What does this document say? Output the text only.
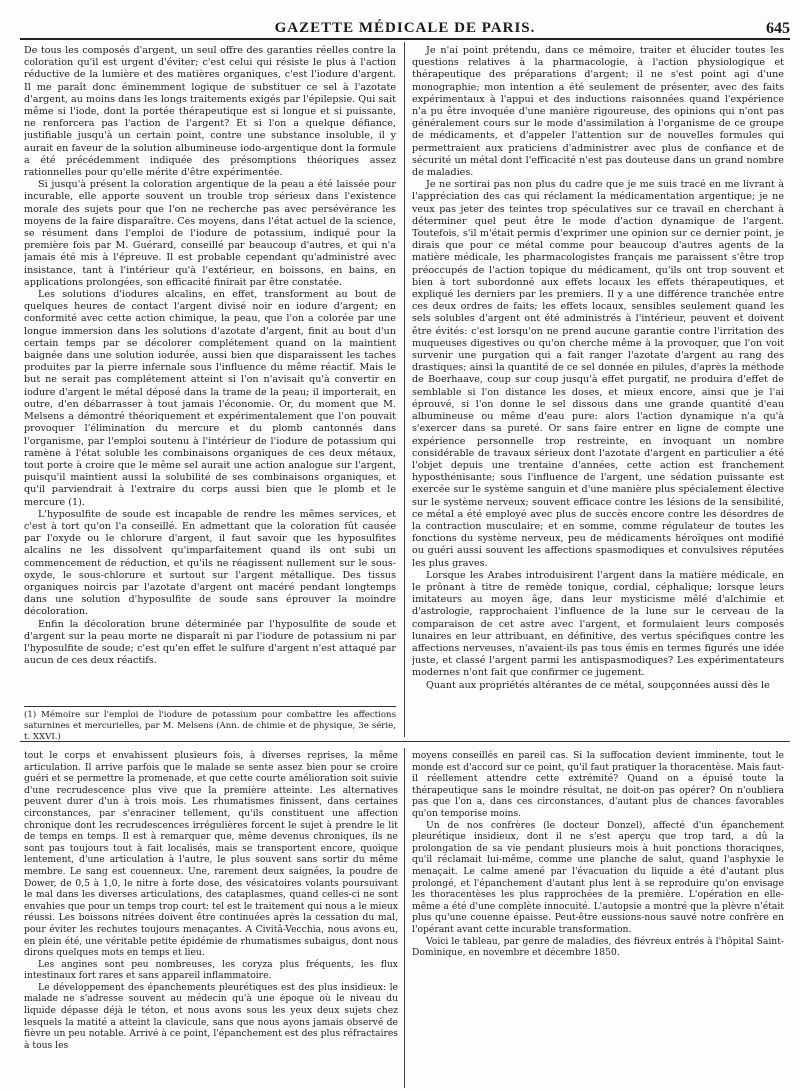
GAZETTE MÉDICALE DE PARIS.	645

De tous les composés d'argent, un seul offre des garanties réelles contre la coloration qu'il est urgent d'éviter; c'est celui qui résiste le plus à l'action réductive de la lumière et des matières organiques, c'est l'iodure d'argent. Il me paraît donc éminemment logique de substituer ce sel à l'azotate d'argent, au moins dans les longs traitements exigés par l'épilepsie. Qui sait même si l'iode, dont la portée thérapeutique est si longue et si puissante, ne renforcera pas l'action de l'argent? Et si l'on a quelque défiance, justifiable jusqu'à un certain point, contre une substance insoluble, il y aurait en faveur de la solution albumineuse iodo-argentique dont la formule a été précédemment indiquée des présomptions théoriques assez rationnelles pour qu'elle mérite d'être expérimentée.

Si jusqu'à présent la coloration argentique de la peau a été laissée pour incurable, elle apporte souvent un trouble trop sérieux dans l'existence morale des sujets pour que l'on ne recherche pas avec persévérance les moyens de la faire disparaître. Ces moyens, dans l'état actuel de la science, se résument dans l'emploi de l'iodure de potassium, indiqué pour la première fois par M. Guérard, conseillé par beaucoup d'autres, et qui n'a jamais été mis à l'épreuve. Il est probable cependant qu'administré avec insistance, tant à l'intérieur qu'à l'extérieur, en boissons, en bains, en applications prolongées, son efficacité finirait par être constatée.

Les solutions d'iodures alcalins, en effet, transforment au bout de quelques heures de contact l'argent divisé noir en iodure d'argent; en conformité avec cette action chimique, la peau, que l'on a colorée par une longue immersion dans les solutions d'azotate d'argent, finit au bout d'un certain temps par se décolorer complétement quand on la maintient baignée dans une solution iodurée, aussi bien que disparaissent les taches produites par la pierre infernale sous l'influence du même réactif. Mais le but ne serait pas complétement atteint si l'on n'avisait qu'à convertir en iodure d'argent le métal déposé dans la trame de la peau; il importerait, en outre, d'en débarrasser à tout jamais l'économie. Or, du moment que M. Melsens a démontré théoriquement et expérimentalement que l'on pouvait provoquer l'élimination du mercure et du plomb cantonnés dans l'organisme, par l'emploi soutenu à l'intérieur de l'iodure de potassium qui ramène à l'état soluble les combinaisons organiques de ces deux métaux, tout porte à croire que le même sel aurait une action analogue sur l'argent, puisqu'il maintient aussi la solubilité de ses combinaisons organiques, et qu'il parviendrait à l'extraire du corps aussi bien que le plomb et le mercure (1).

L'hyposulfite de soude est incapable de rendre les mêmes services, et c'est à tort qu'on l'a conseillé. En admettant que la coloration fût causée par l'oxyde ou le chlorure d'argent, il faut savoir que les hyposulfites alcalins ne les dissolvent qu'imparfaitement quand ils ont subi un commencement de réduction, et qu'ils ne réagissent nullement sur le sous-oxyde, le sous-chlorure et surtout sur l'argent métallique. Des tissus organiques noircis par l'azotate d'argent ont macéré pendant longtemps dans une solution d'hyposulfite de soude sans éprouver la moindre décoloration.

Enfin la décoloration brune déterminée par l'hyposulfite de soude et d'argent sur la peau morte ne disparaît ni par l'iodure de potassium ni par l'hyposulfite de soude; c'est qu'en effet le sulfure d'argent n'est attaqué par aucun de ces deux réactifs.

(1) Mémoire sur l'emploi de l'iodure de potassium pour combattre les affections saturnines et mercurielles, par M. Melsens (Ann. de chimie et de physique, 3e série, t. XXVI.)

Je n'ai point prétendu, dans ce mémoire, traiter et élucider toutes les questions relatives à la pharmacologie, à l'action physiologique et thérapeutique des préparations d'argent; il ne s'est point agi d'une monographie; mon intention a été seulement de présenter, avec des faits expérimentaux à l'appui et des inductions raisonnées quand l'expérience n'a pu être invoquée d'une manière rigoureuse, des opinions qui n'ont pas généralement cours sur le mode d'assimilation à l'organisme de ce groupe de médicaments, et d'appeler l'attention sur de nouvelles formules qui permettraient aux praticiens d'administrer avec plus de confiance et de sécurité un métal dont l'efficacité n'est pas douteuse dans un grand nombre de maladies.

Je ne sortirai pas non plus du cadre que je me suis tracé en me livrant à l'appréciation des cas qui réclament la médicamentation argentique; je ne veux pas jeter des teintes trop spéculatives sur ce travail en cherchant à déterminer quel peut être le mode d'action dynamique de l'argent. Toutefois, s'il m'était permis d'exprimer une opinion sur ce dernier point, je dirais que pour ce métal comme pour beaucoup d'autres agents de la matière médicale, les pharmacologistes français me paraissent s'être trop préoccupés de l'action topique du médicament, qu'ils ont trop souvent et bien à tort subordonné aux effets locaux les effets thérapeutiques, et expliqué les derniers par les premiers. Il y a une différence tranchée entre ces deux ordres de faits; les effets locaux, sensibles seulement quand les sels solubles d'argent ont été administrés à l'intérieur, peuvent et doivent être évités: c'est lorsqu'on ne prend aucune garantie contre l'irritation des muqueuses digestives ou qu'on cherche même à la provoquer, que l'on voit survenir une purgation qui a fait ranger l'azotate d'argent au rang des drastiques; ainsi la quantité de ce sel donnée en pilules, d'après la méthode de Boerhaave, coup sur coup jusqu'à effet purgatif, ne produira d'effet de semblable si l'on distance les doses, et mieux encore, ainsi que je l'ai éprouvé, si l'on donne le sel dissous dans une grande quantité d'eau albumineuse ou même d'eau pure: alors l'action dynamique n'a qu'à s'exercer dans sa pureté. Or sans faire entrer en ligne de compte une expérience personnelle trop restreinte, en invoquant un nombre considérable de travaux sérieux dont l'azotate d'argent en particulier a été l'objet depuis une trentaine d'années, cette action est franchement hyposthénisante; sous l'influence de l'argent, une sédation puissante est exercée sur le système sanguin et d'une manière plus spécialement élective sur le système nerveux; souvent efficace contre les lésions de la sensibilité, ce métal a été employé avec plus de succès encore contre les désordres de la contraction musculaire; et en somme, comme régulateur de toutes les fonctions du système nerveux, peu de médicaments héroïques ont modifié ou guéri aussi souvent les affections spasmodiques et convulsives réputées les plus graves.

Lorsque les Arabes introduisirent l'argent dans la matière médicale, en le prônant à titre de remède tonique, cordial, céphalique; lorsque leurs imitateurs au moyen âge, dans leur mysticisme mêlé d'alchimie et d'astrologie, rapprochaient l'influence de la lune sur le cerveau de la comparaison de cet astre avec l'argent, et formulaient leurs composés lunaires en leur attribuant, en définitive, des vertus spécifiques contre les affections nerveuses, n'avaient-ils pas tous émis en termes figurés une idée juste, et classé l'argent parmi les antispasmodiques? Les expérimentateurs modernes n'ont fait que confirmer ce jugement.

Quant aux propriétés altérantes de ce métal, soupçonnées aussi dès le

tout le corps et envahissent plusieurs fois, à diverses reprises, la même articulation. Il arrive parfois que le malade se sente assez bien pour se croire guéri et se permettre la promenade, et que cette courte amélioration soit suivie d'une recrudescence plus vive que la première atteinte. Les alternatives peuvent durer d'un à trois mois. Les rhumatismes finissent, dans certaines circonstances, par s'enraciner tellement, qu'ils constituent une affection chronique dont les recrudescences irrégulières forcent le sujet à prendre le lit de temps en temps. Il est à remarquer que, même devenus chroniques, ils ne sont pas toujours tout à fait localisés, mais se transportent encore, quoique lentement, d'une articulation à l'autre, le plus souvent sans sortir du même membre. Le sang est couenneux. Une, rarement deux saignées, la poudre de Dower, de 0,5 à 1,0, le nitre à forte dose, des vésicatoires volants poursuivant le mal dans les diverses articulations, des cataplasmes, quand celles-ci ne sont envahies que pour un temps trop court: tel est le traitement qui nous a le mieux réussi. Les boissons nitrées doivent être continuées après la cessation du mal, pour éviter les rechutes toujours menaçantes. A Civitâ-Vecchia, nous avons eu, en plein été, une véritable petite épidémie de rhumatismes subaigus, dont nous dirons quelques mots en temps et lieu.

Les angines sont peu nombreuses, les coryza plus fréquents, les flux intestinaux fort rares et sans appareil inflammatoire.

Le développement des épanchements pleurétiques est des plus insidieux: le malade ne s'adresse souvent au médecin qu'à une époque où le niveau du liquide dépasse déjà le téton, et nous avons sous les yeux deux sujets chez lesquels la matité a atteint la clavicule, sans que nous ayons jamais observé de fièvre un peu notable. Arrivé à ce point, l'épanchement est des plus réfractaires à tous les

moyens conseillés en pareil cas. Si la suffocation devient imminente, tout le monde est d'accord sur ce point, qu'il faut pratiquer la thoracentèse. Mais faut-il réellement attendre cette extrémité? Quand on a épuisé toute la thérapeutique sans le moindre résultat, ne doit-on pas opérer? On n'oubliera pas que l'on a, dans ces circonstances, d'autant plus de chances favorables qu'on temporise moins.

Un de nos confrères (le docteur Donzel), affecté d'un épanchement pleurétique insidieux, dont il ne s'est aperçu que trop tard, a dû la prolongation de sa vie pendant plusieurs mois à huit ponctions thoraciques, qu'il réclamait lui-même, comme une planche de salut, quand l'asphyxie le menaçait. Le calme amené par l'évacuation du liquide a été d'autant plus prolongé, et l'épanchement d'autant plus lent à se reproduire qu'on envisage les thoracentèses les plus rapprochées de la première. L'opération en elle-même a été d'une complète innocuité. L'autopsie a montré que la plèvre n'était plus qu'une couenne épaisse. Peut-être eussions-nous sauvé notre confrère en l'opérant avant cette incurable transformation.

Voici le tableau, par genre de maladies, des fiévreux entrés à l'hôpital Saint-Dominique, en novembre et décembre 1850.
